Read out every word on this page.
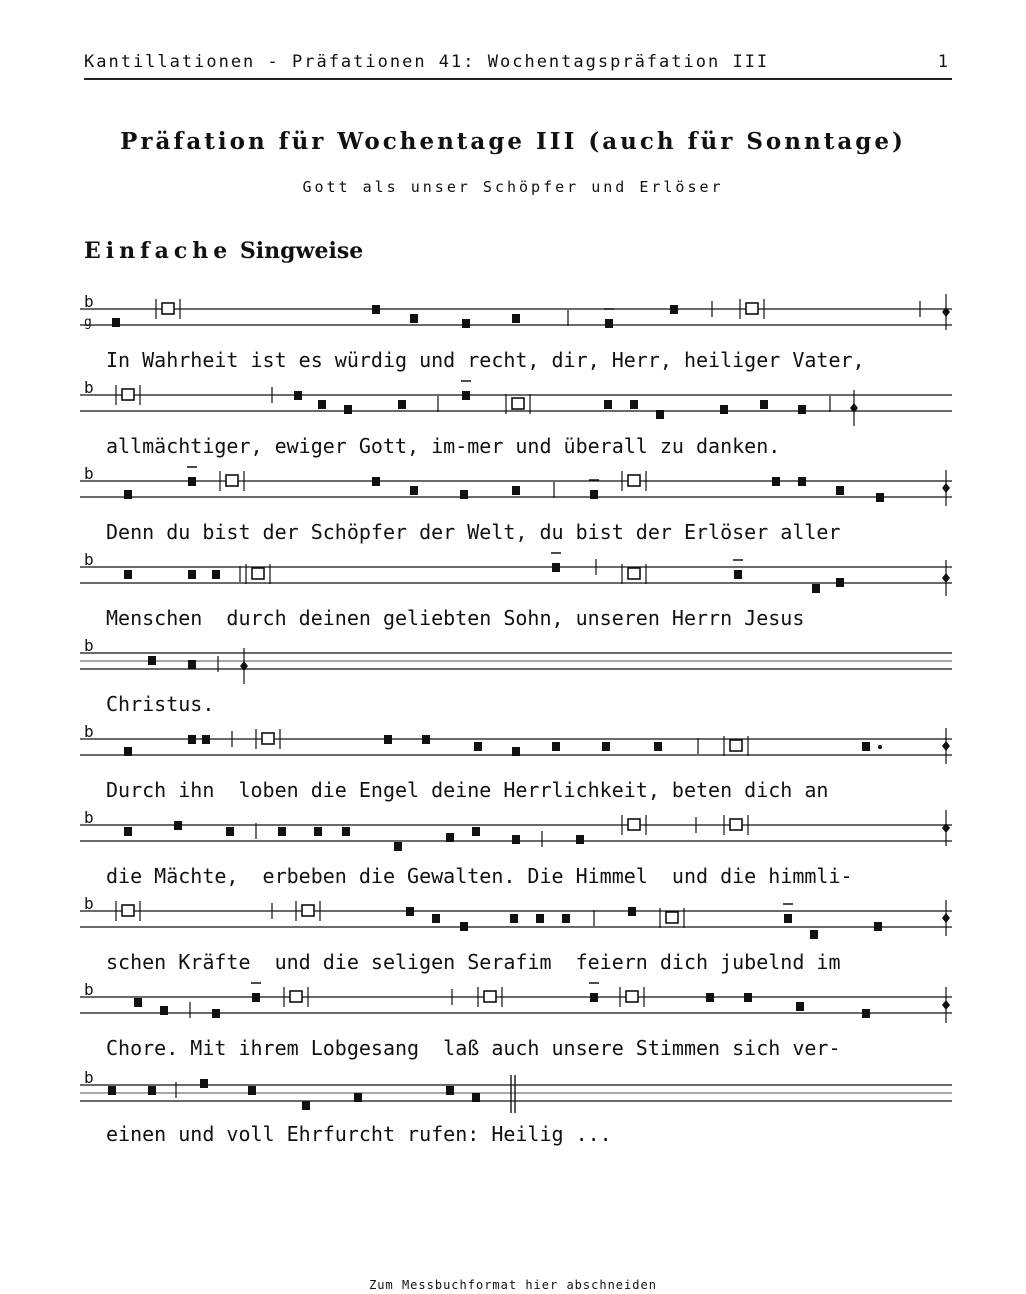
Kantillationen - Präfationen 41: Wochentagspräfation III	1
Präfation für Wochentage III (auch für Sonntage)
Gott als unser Schöpfer und Erlöser
Einfache Singweise
b
g
b
b
b
b
b
b
b
b
b
In Wahrheit ist es würdig und recht, dir, Herr, heiliger Vater,
allmächtiger, ewiger Gott, im-mer und überall zu danken.
Denn du bist der Schöpfer der Welt, du bist der Erlöser aller
Menschen  durch deinen geliebten Sohn, unseren Herrn Jesus
Christus.
Durch ihn  loben die Engel deine Herrlichkeit, beten dich an
die Mächte,  erbeben die Gewalten. Die Himmel  und die himmli-
schen Kräfte  und die seligen Serafim  feiern dich jubelnd im
Chore. Mit ihrem Lobgesang  laß auch unsere Stimmen sich ver-
einen und voll Ehrfurcht rufen: Heilig ...
Zum Messbuchformat hier abschneiden
